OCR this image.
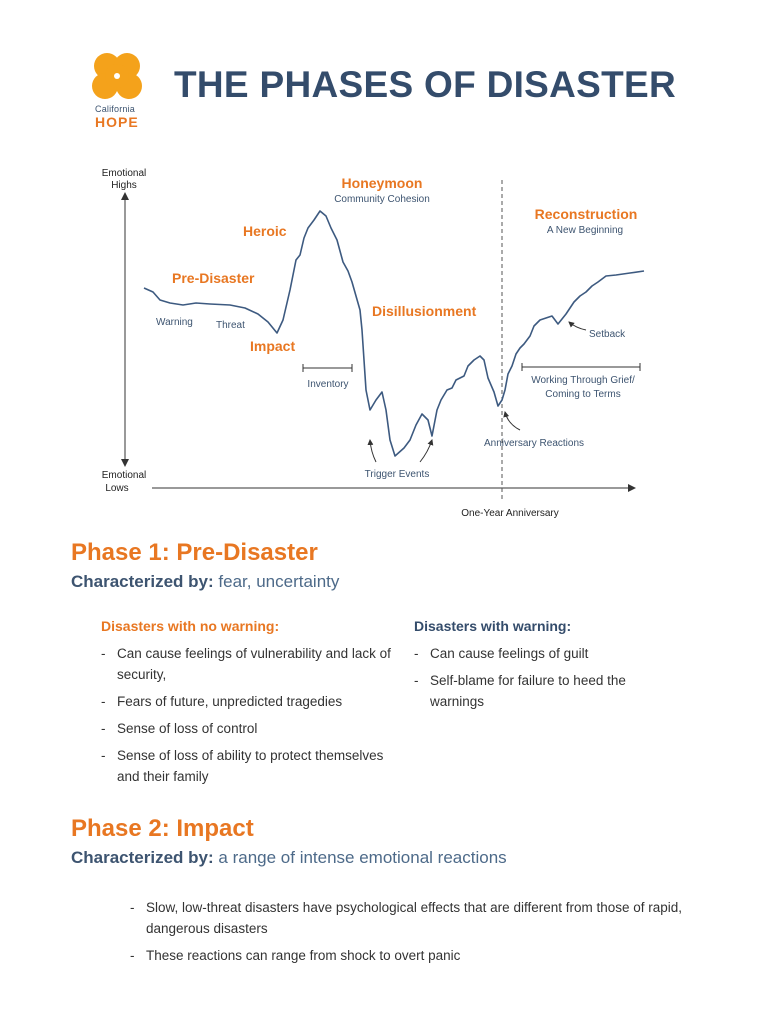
California
HOPE
THE PHASES OF DISASTER
Emotional
Highs
Emotional
Lows
One-Year Anniversary
Pre-Disaster
Heroic
Honeymoon
Community Cohesion
Impact
Disillusionment
Reconstruction
A New Beginning
Warning Threat
Inventory
Trigger Events
Anniversary Reactions
Setback
Working Through Grief/
Coming to Terms
Phase 1: Pre-Disaster
Characterized by: fear, uncertainty
Disasters with no warning:
- Can cause feelings of vulnerability and lack of security,
- Fears of future, unpredicted tragedies
- Sense of loss of control
- Sense of loss of ability to protect themselves and their family
Disasters with warning:
- Can cause feelings of guilt
- Self-blame for failure to heed the warnings
Phase 2: Impact
Characterized by: a range of intense emotional reactions
- Slow, low-threat disasters have psychological effects that are different from those of rapid, dangerous disasters
- These reactions can range from shock to overt panic
